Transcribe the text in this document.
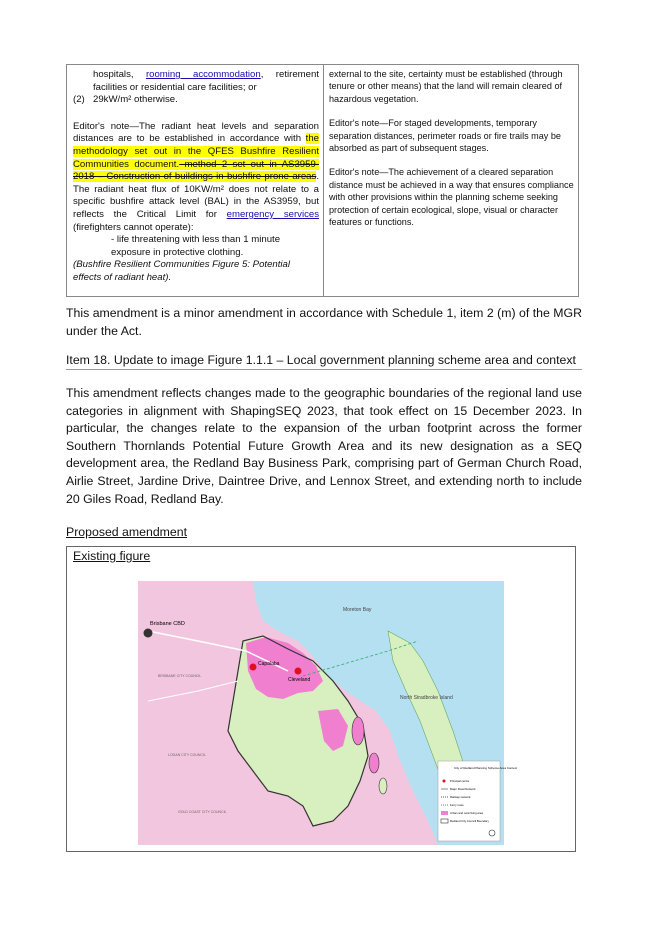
hospitals, rooming accommodation, retirement facilities or residential care facilities; or
(2) 29kW/m² otherwise.
Editor's note—The radiant heat levels and separation distances are to be established in accordance with the methodology set out in the QFES Bushfire Resilient Communities document. method 2 set out in AS3959-2018 – Construction of buildings in bushfire prone areas. The radiant heat flux of 10KW/m² does not relate to a specific bushfire attack level (BAL) in the AS3959, but reflects the Critical Limit for emergency services (firefighters cannot operate):
- life threatening with less than 1 minute exposure in protective clothing.
(Bushfire Resilient Communities Figure 5: Potential effects of radiant heat).
external to the site, certainty must be established (through tenure or other means) that the land will remain cleared of hazardous vegetation.
Editor's note—For staged developments, temporary separation distances, perimeter roads or fire trails may be absorbed as part of subsequent stages.
Editor's note—The achievement of a cleared separation distance must be achieved in a way that ensures compliance with other provisions within the planning scheme seeking protection of certain ecological, slope, visual or character features or functions.
This amendment is a minor amendment in accordance with Schedule 1, item 2 (m) of the MGR under the Act.
Item 18. Update to image Figure 1.1.1 – Local government planning scheme area and context
This amendment reflects changes made to the geographic boundaries of the regional land use categories in alignment with ShapingSEQ 2023, that took effect on 15 December 2023. In particular, the changes relate to the expansion of the urban footprint across the former Southern Thornlands Potential Future Growth Area and its new designation as a SEQ development area, the Redland Bay Business Park, comprising part of German Church Road, Airlie Street, Jardine Drive, Daintree Drive, and Lennox Street, and extending north to include 20 Giles Road, Redland Bay.
Proposed amendment
Existing figure
Brisbane CBD
Capalaba
Cleveland
Moreton Bay
North Stradbroke Island
BRISBANE CITY COUNCIL
LOGAN CITY COUNCIL
GOLD COAST CITY COUNCIL
City of Redland Planning Scheme Area Context
Principal centre
Major Road Network
Railway network
Ferry route
Urban and rural living area
Redland City Council Boundary
